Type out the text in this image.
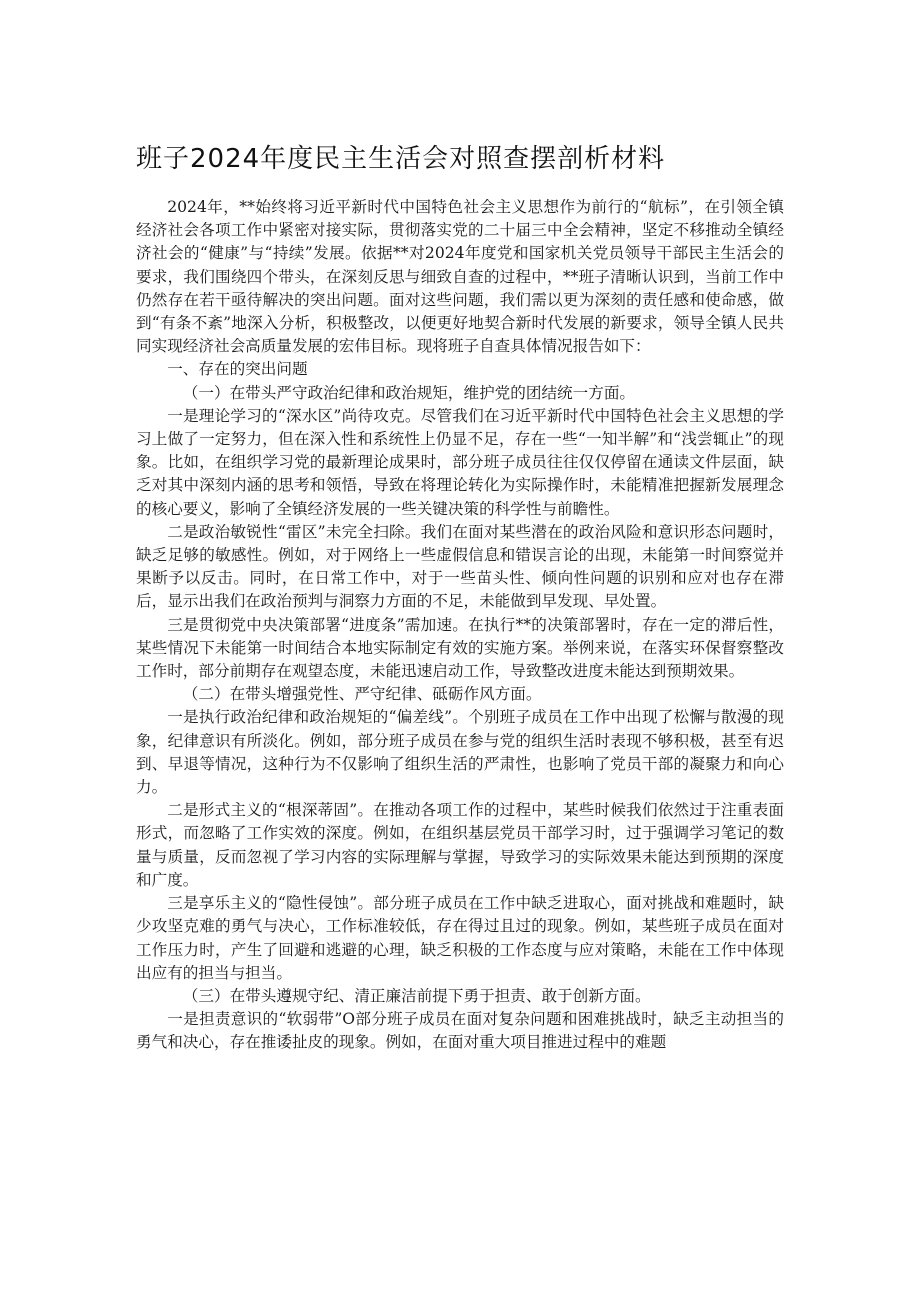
班子2024年度民主生活会对照查摆剖析材料

2024年，**始终将习近平新时代中国特色社会主义思想作为前行的“航标”，在引领全镇经济社会各项工作中紧密对接实际，贯彻落实党的二十届三中全会精神，坚定不移推动全镇经济社会的“健康”与“持续”发展。依据**对2024年度党和国家机关党员领导干部民主生活会的要求，我们围绕四个带头，在深刻反思与细致自查的过程中，**班子清晰认识到，当前工作中仍然存在若干亟待解决的突出问题。面对这些问题，我们需以更为深刻的责任感和使命感，做到“有条不紊”地深入分析，积极整改，以便更好地契合新时代发展的新要求，领导全镇人民共同实现经济社会高质量发展的宏伟目标。现将班子自查具体情况报告如下：

一、存在的突出问题

（一）在带头严守政治纪律和政治规矩，维护党的团结统一方面。

一是理论学习的“深水区”尚待攻克。尽管我们在习近平新时代中国特色社会主义思想的学习上做了一定努力，但在深入性和系统性上仍显不足，存在一些“一知半解”和“浅尝辄止”的现象。比如，在组织学习党的最新理论成果时，部分班子成员往往仅仅停留在通读文件层面，缺乏对其中深刻内涵的思考和领悟，导致在将理论转化为实际操作时，未能精准把握新发展理念的核心要义，影响了全镇经济发展的一些关键决策的科学性与前瞻性。

二是政治敏锐性“雷区”未完全扫除。我们在面对某些潜在的政治风险和意识形态问题时，缺乏足够的敏感性。例如，对于网络上一些虚假信息和错误言论的出现，未能第一时间察觉并果断予以反击。同时，在日常工作中，对于一些苗头性、倾向性问题的识别和应对也存在滞后，显示出我们在政治预判与洞察力方面的不足，未能做到早发现、早处置。

三是贯彻党中央决策部署“进度条”需加速。在执行**的决策部署时，存在一定的滞后性，某些情况下未能第一时间结合本地实际制定有效的实施方案。举例来说，在落实环保督察整改工作时，部分前期存在观望态度，未能迅速启动工作，导致整改进度未能达到预期效果。

（二）在带头增强党性、严守纪律、砥砺作风方面。

一是执行政治纪律和政治规矩的“偏差线”。个别班子成员在工作中出现了松懈与散漫的现象，纪律意识有所淡化。例如，部分班子成员在参与党的组织生活时表现不够积极，甚至有迟到、早退等情况，这种行为不仅影响了组织生活的严肃性，也影响了党员干部的凝聚力和向心力。

二是形式主义的“根深蒂固”。在推动各项工作的过程中，某些时候我们依然过于注重表面形式，而忽略了工作实效的深度。例如，在组织基层党员干部学习时，过于强调学习笔记的数量与质量，反而忽视了学习内容的实际理解与掌握，导致学习的实际效果未能达到预期的深度和广度。

三是享乐主义的“隐性侵蚀”。部分班子成员在工作中缺乏进取心，面对挑战和难题时，缺少攻坚克难的勇气与决心，工作标准较低，存在得过且过的现象。例如，某些班子成员在面对工作压力时，产生了回避和逃避的心理，缺乏积极的工作态度与应对策略，未能在工作中体现出应有的担当与担当。

（三）在带头遵规守纪、清正廉洁前提下勇于担责、敢于创新方面。

一是担责意识的“软弱带”O部分班子成员在面对复杂问题和困难挑战时，缺乏主动担当的勇气和决心，存在推诿扯皮的现象。例如，在面对重大项目推进过程中的难题
